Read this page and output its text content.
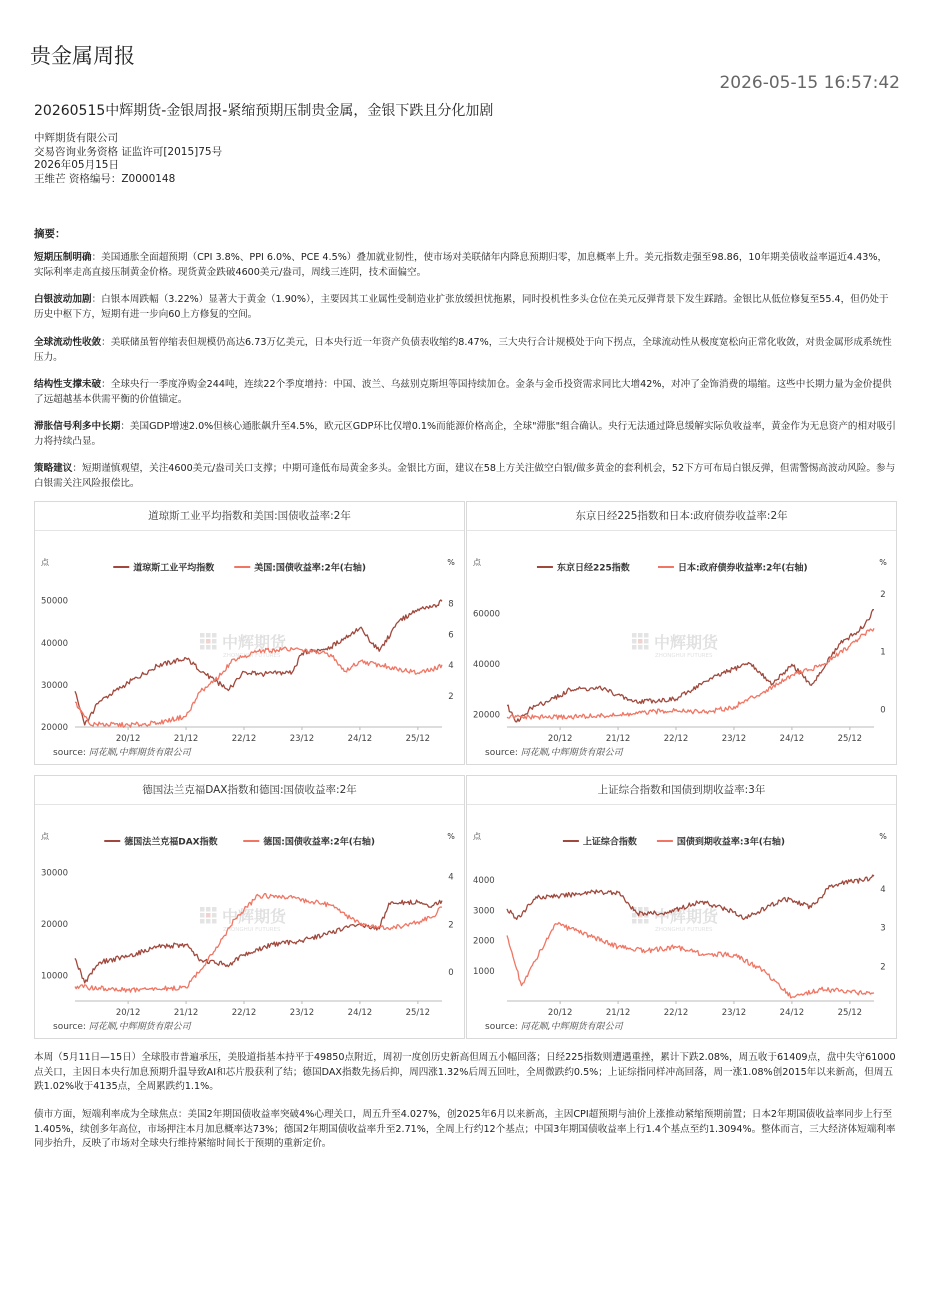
贵金属周报
2026-05-15 16:57:42
20260515中辉期货-金银周报-紧缩预期压制贵金属，金银下跌且分化加剧
中辉期货有限公司
交易咨询业务资格 证监许可[2015]75号
2026年05月15日
王维芒 资格编号：Z0000148
摘要：

短期压制明确：美国通胀全面超预期（CPI 3.8%、PPI 6.0%、PCE 4.5%）叠加就业韧性，使市场对美联储年内降息预期归零，加息概率上升。美元指数走强至98.86，10年期美债收益率逼近4.43%，实际利率走高直接压制黄金价格。现货黄金跌破4600美元/盎司，周线三连阴，技术面偏空。

白银波动加剧：白银本周跌幅（3.22%）显著大于黄金（1.90%），主要因其工业属性受制造业扩张放缓担忧拖累，同时投机性多头仓位在美元反弹背景下发生踩踏。金银比从低位修复至55.4，但仍处于历史中枢下方，短期有进一步向60上方修复的空间。

全球流动性收敛：美联储虽暂停缩表但规模仍高达6.73万亿美元，日本央行近一年资产负债表收缩约8.47%，三大央行合计规模处于向下拐点，全球流动性从极度宽松向正常化收敛，对贵金属形成系统性压力。

结构性支撑未破：全球央行一季度净购金244吨，连续22个季度增持：中国、波兰、乌兹别克斯坦等国持续加仓。金条与金币投资需求同比大增42%，对冲了金饰消费的塌缩。这些中长期力量为金价提供了远超越基本供需平衡的价值锚定。

滞胀信号利多中长期：美国GDP增速2.0%但核心通胀飙升至4.5%，欧元区GDP环比仅增0.1%而能源价格高企，全球"滞胀"组合确认。央行无法通过降息缓解实际负收益率，黄金作为无息资产的相对吸引力将持续凸显。

策略建议：短期谨慎观望，关注4600美元/盎司关口支撑；中期可逢低布局黄金多头。金银比方面，建议在58上方关注做空白银/做多黄金的套利机会，52下方可布局白银反弹，但需警惕高波动风险。参与白银需关注风险报偿比。

道琼斯工业平均指数和美国:国债收益率:2年
点	%
道琼斯工业平均指数	美国:国债收益率:2年(右轴)
50000
40000
30000
20000
8
6
4
2
20/12	21/12	22/12	23/12	24/12	25/12
中辉期货
ZHONGHUI FUTURES
source: 同花顺,中辉期货有限公司
东京日经225指数和日本:政府债券收益率:2年
点	%
东京日经225指数	日本:政府债券收益率:2年(右轴)
60000
40000
20000
2
1
0
20/12	21/12	22/12	23/12	24/12	25/12
中辉期货
ZHONGHUI FUTURES
source: 同花顺,中辉期货有限公司
德国法兰克福DAX指数和德国:国债收益率:2年
点	%
德国法兰克福DAX指数	德国:国债收益率:2年(右轴)
30000
20000
10000
4
2
0
20/12	21/12	22/12	23/12	24/12	25/12
中辉期货
ZHONGHUI FUTURES
source: 同花顺,中辉期货有限公司
上证综合指数和国债到期收益率:3年
点	%
上证综合指数	国债到期收益率:3年(右轴)
4000
3000
2000
1000
4
3
2
20/12	21/12	22/12	23/12	24/12	25/12
中辉期货
ZHONGHUI FUTURES
source: 同花顺,中辉期货有限公司

本周（5月11日—15日）全球股市普遍承压，美股道指基本持平于49850点附近，周初一度创历史新高但周五小幅回落；日经225指数则遭遇重挫，累计下跌2.08%，周五收于61409点，盘中失守61000点关口，主因日本央行加息预期升温导致AI和芯片股获利了结；德国DAX指数先扬后抑，周四涨1.32%后周五回吐，全周微跌约0.5%；上证综指同样冲高回落，周一涨1.08%创2015年以来新高，但周五跌1.02%收于4135点，全周累跌约1.1%。

债市方面，短端利率成为全球焦点：美国2年期国债收益率突破4%心理关口，周五升至4.027%，创2025年6月以来新高，主因CPI超预期与油价上涨推动紧缩预期前置；日本2年期国债收益率同步上行至1.405%，续创多年高位，市场押注本月加息概率达73%；德国2年期国债收益率升至2.71%，全周上行约12个基点；中国3年期国债收益率上行1.4个基点至约1.3094%。整体而言，三大经济体短端利率同步抬升，反映了市场对全球央行维持紧缩时间长于预期的重新定价。
